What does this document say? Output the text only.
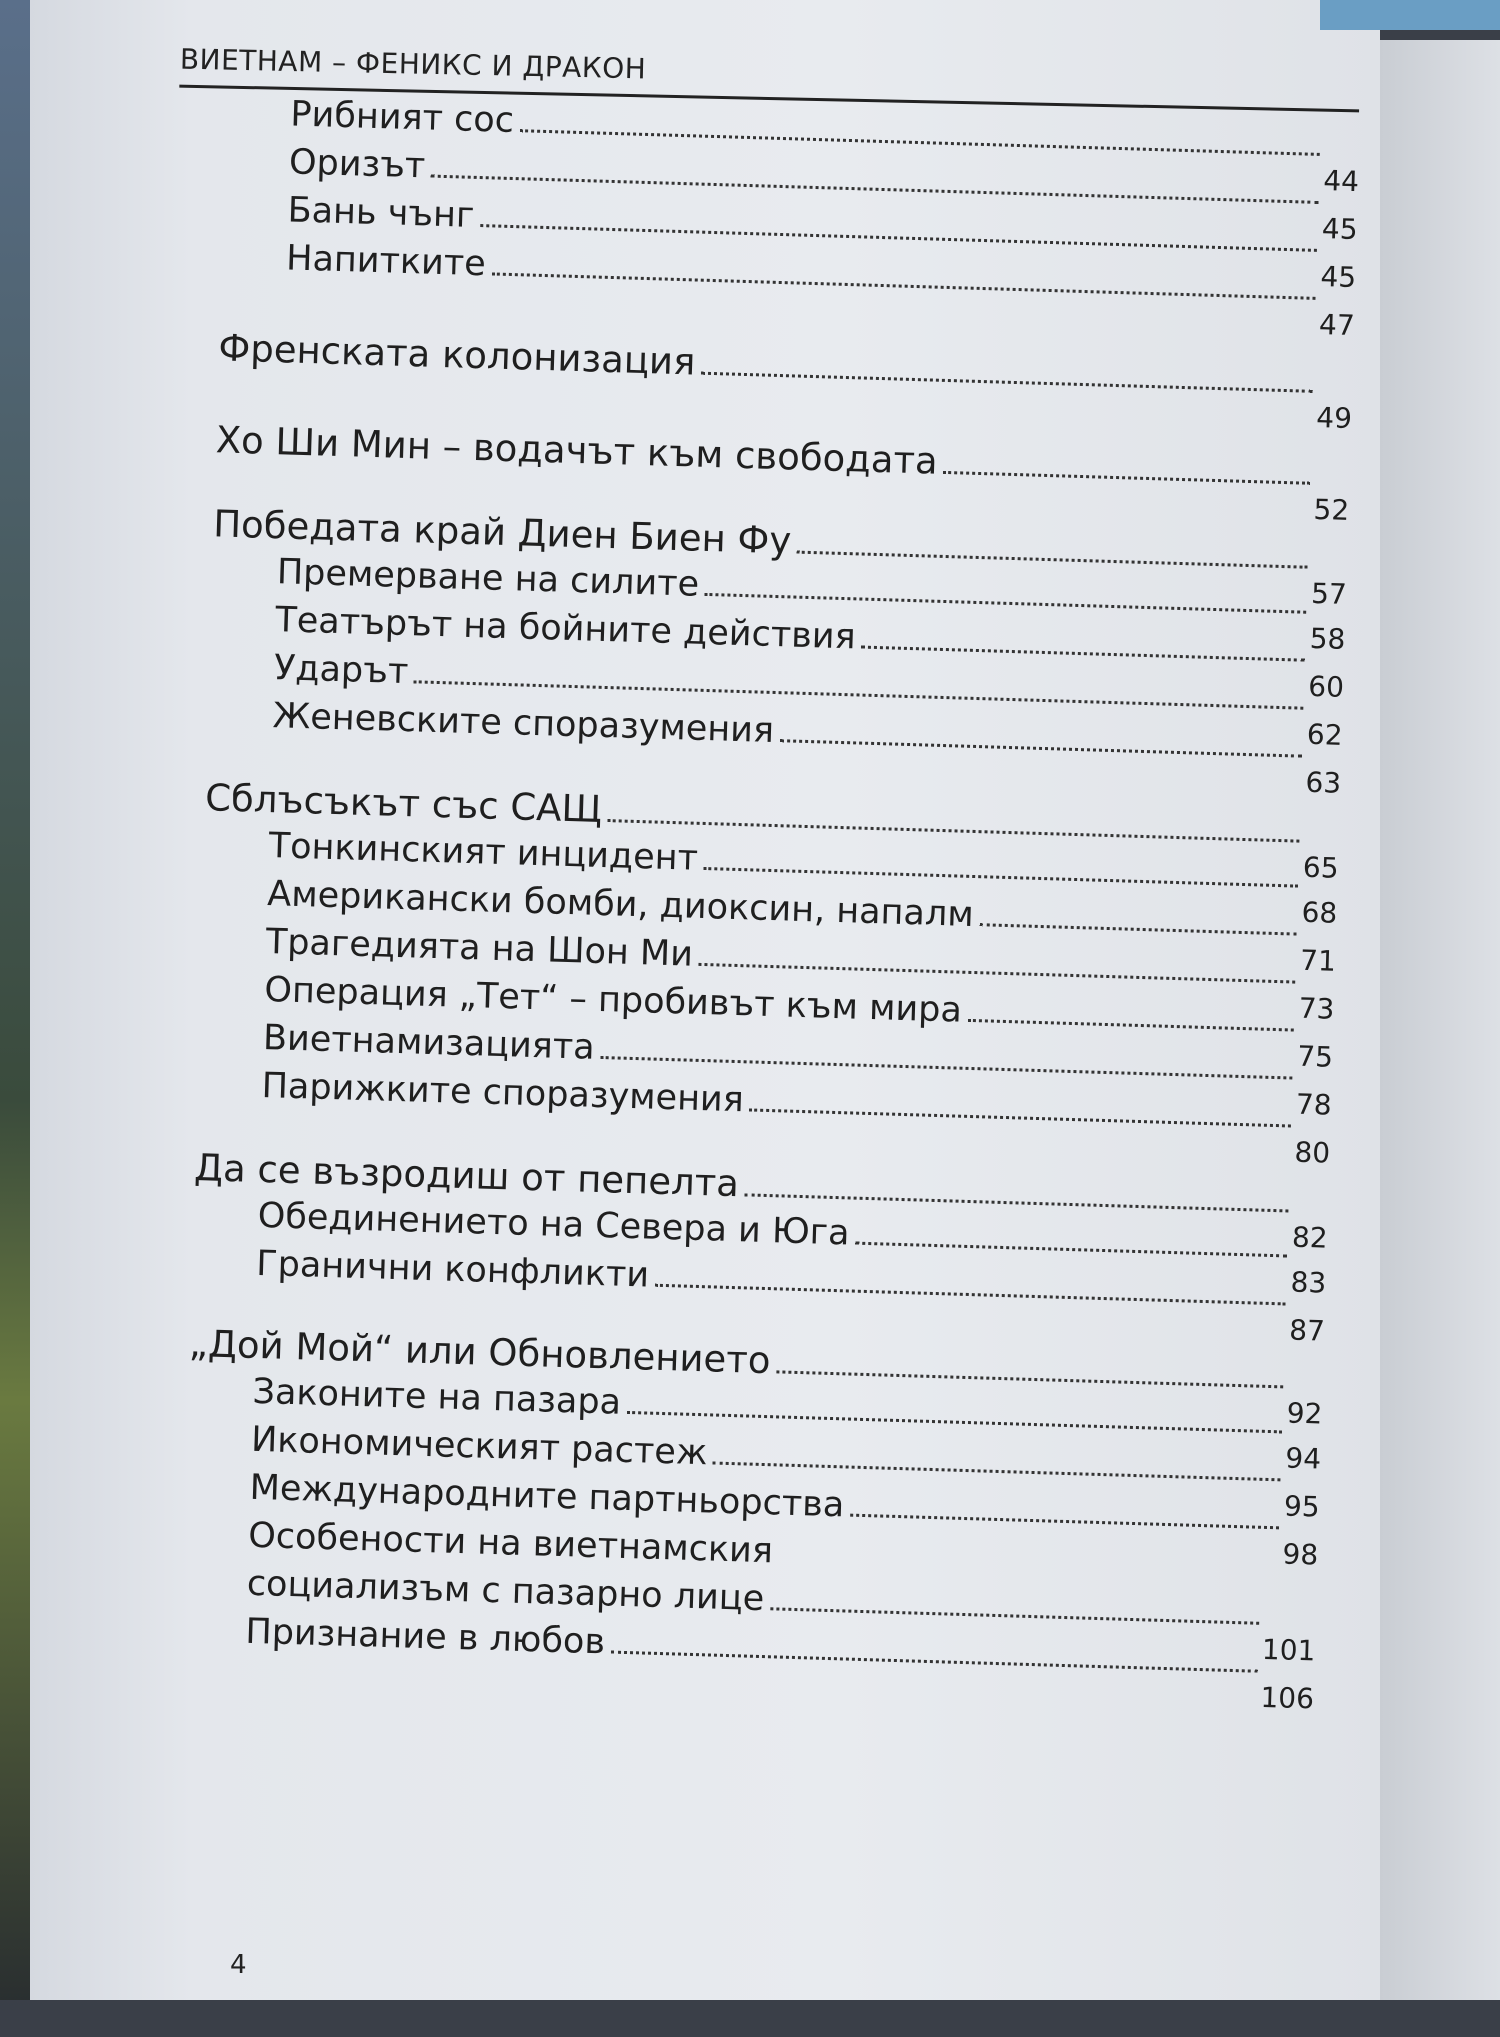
ВИЕТНАМ – ФЕНИКС И ДРАКОН
Рибният сос
44
Оризът
45
Бань чънг
45
Напитките
47
Френската колонизация
49
Хо Ши Мин – водачът към свободата
52
Победата край Диен Биен Фу
57
Премерване на силите
58
Театърът на бойните действия
60
Ударът
62
Женевските споразумения
63
Сблъсъкът със САЩ
65
Тонкинският инцидент
68
Американски бомби, диоксин, напалм
71
Трагедията на Шон Ми
73
Операция „Тет“ – пробивът към мира
75
Виетнамизацията
78
Парижките споразумения
80
Да се възродиш от пепелта
82
Обединението на Севера и Юга
83
Гранични конфликти
87
„Дой Мой“ или Обновлението
92
Законите на пазара
94
Икономическият растеж
95
Международните партньорства
98
Особености на виетнамския
социализъм с пазарно лице
101
Признание в любов
106
4
